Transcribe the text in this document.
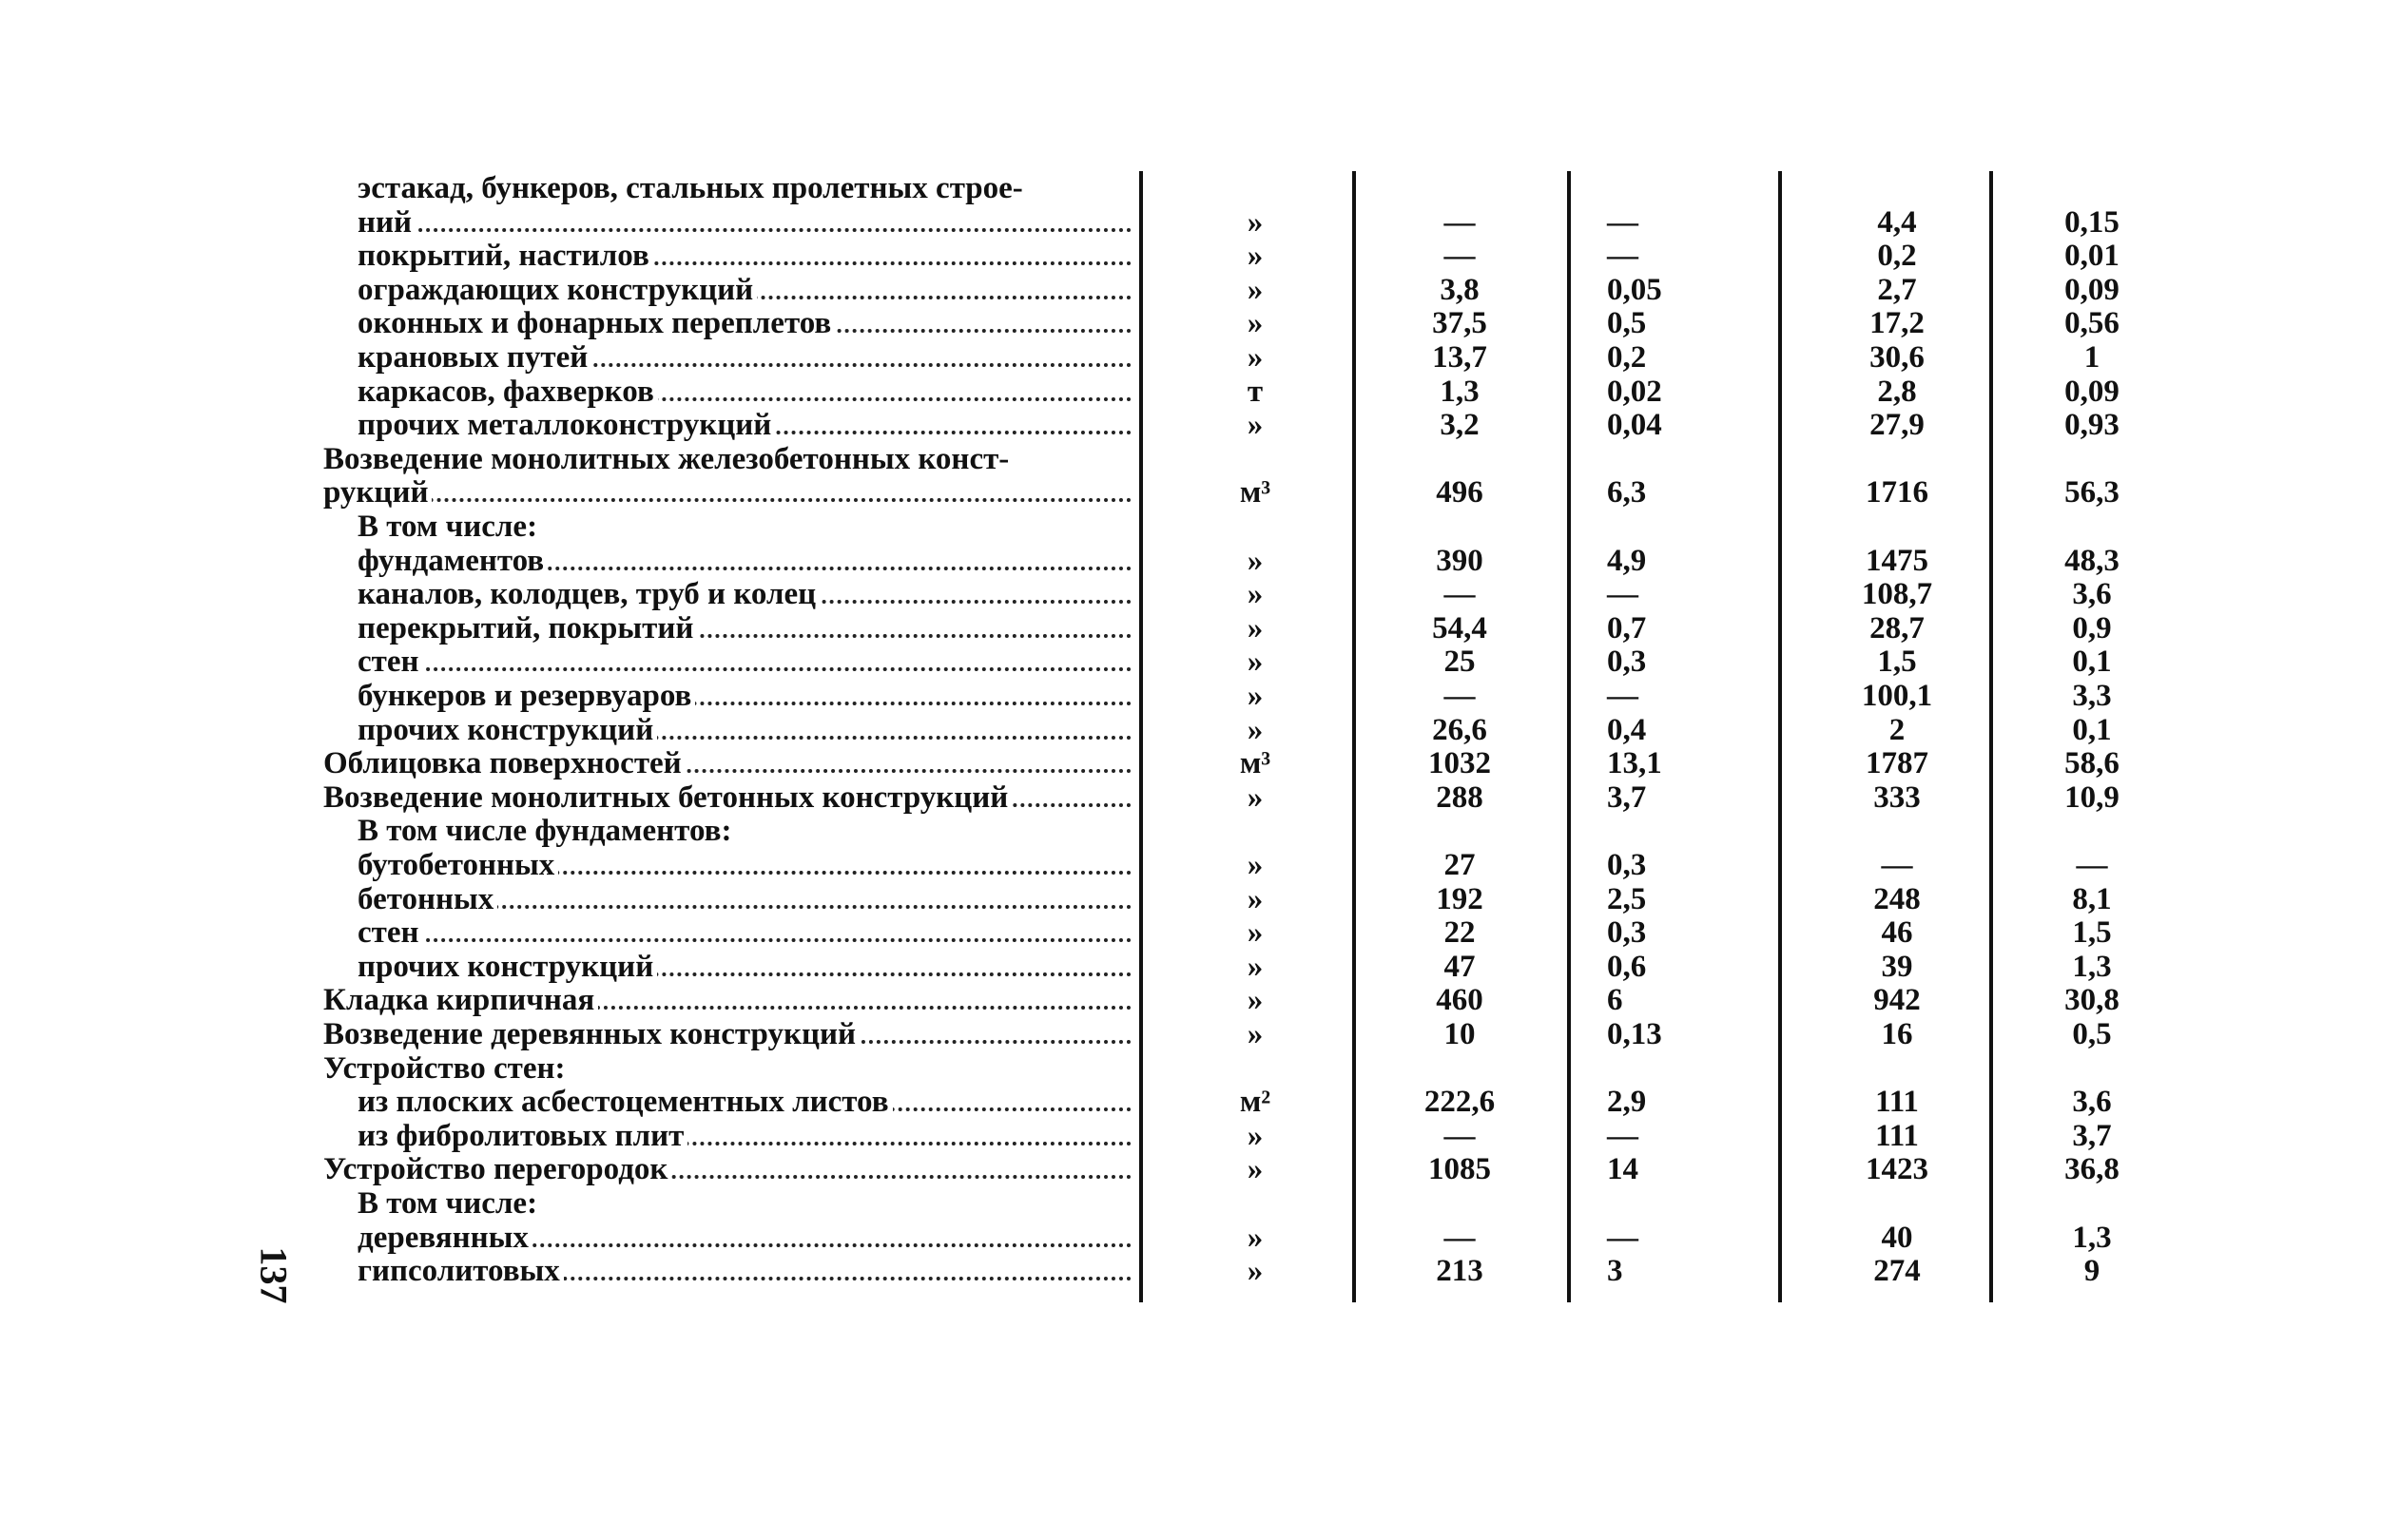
эстакад, бункеров, стальных пролетных строе-
ний	»	—	—	4,4	0,15
покрытий, настилов	»	—	—	0,2	0,01
ограждающих конструкций	»	3,8	0,05	2,7	0,09
оконных и фонарных переплетов	»	37,5	0,5	17,2	0,56
крановых путей	»	13,7	0,2	30,6	1
каркасов, фахверков	т	1,3	0,02	2,8	0,09
прочих металлоконструкций	»	3,2	0,04	27,9	0,93
Возведение монолитных железобетонных конст-
рукций	м³	496	6,3	1716	56,3
В том числе:
фундаментов	»	390	4,9	1475	48,3
каналов, колодцев, труб и колец	»	—	—	108,7	3,6
перекрытий, покрытий	»	54,4	0,7	28,7	0,9
стен	»	25	0,3	1,5	0,1
бункеров и резервуаров	»	—	—	100,1	3,3
прочих конструкций	»	26,6	0,4	2	0,1
Облицовка поверхностей	м³	1032	13,1	1787	58,6
Возведение монолитных бетонных конструкций	»	288	3,7	333	10,9
В том числе фундаментов:
бутобетонных	»	27	0,3	—	—
бетонных	»	192	2,5	248	8,1
стен	»	22	0,3	46	1,5
прочих конструкций	»	47	0,6	39	1,3
Кладка кирпичная	»	460	6	942	30,8
Возведение деревянных конструкций	»	10	0,13	16	0,5
Устройство стен:
из плоских асбестоцементных листов	м²	222,6	2,9	111	3,6
из фибролитовых плит	»	—	—	111	3,7
Устройство перегородок	»	1085	14	1423	36,8
В том числе:
деревянных	»	—	—	40	1,3
гипсолитовых	»	213	3	274	9
137
